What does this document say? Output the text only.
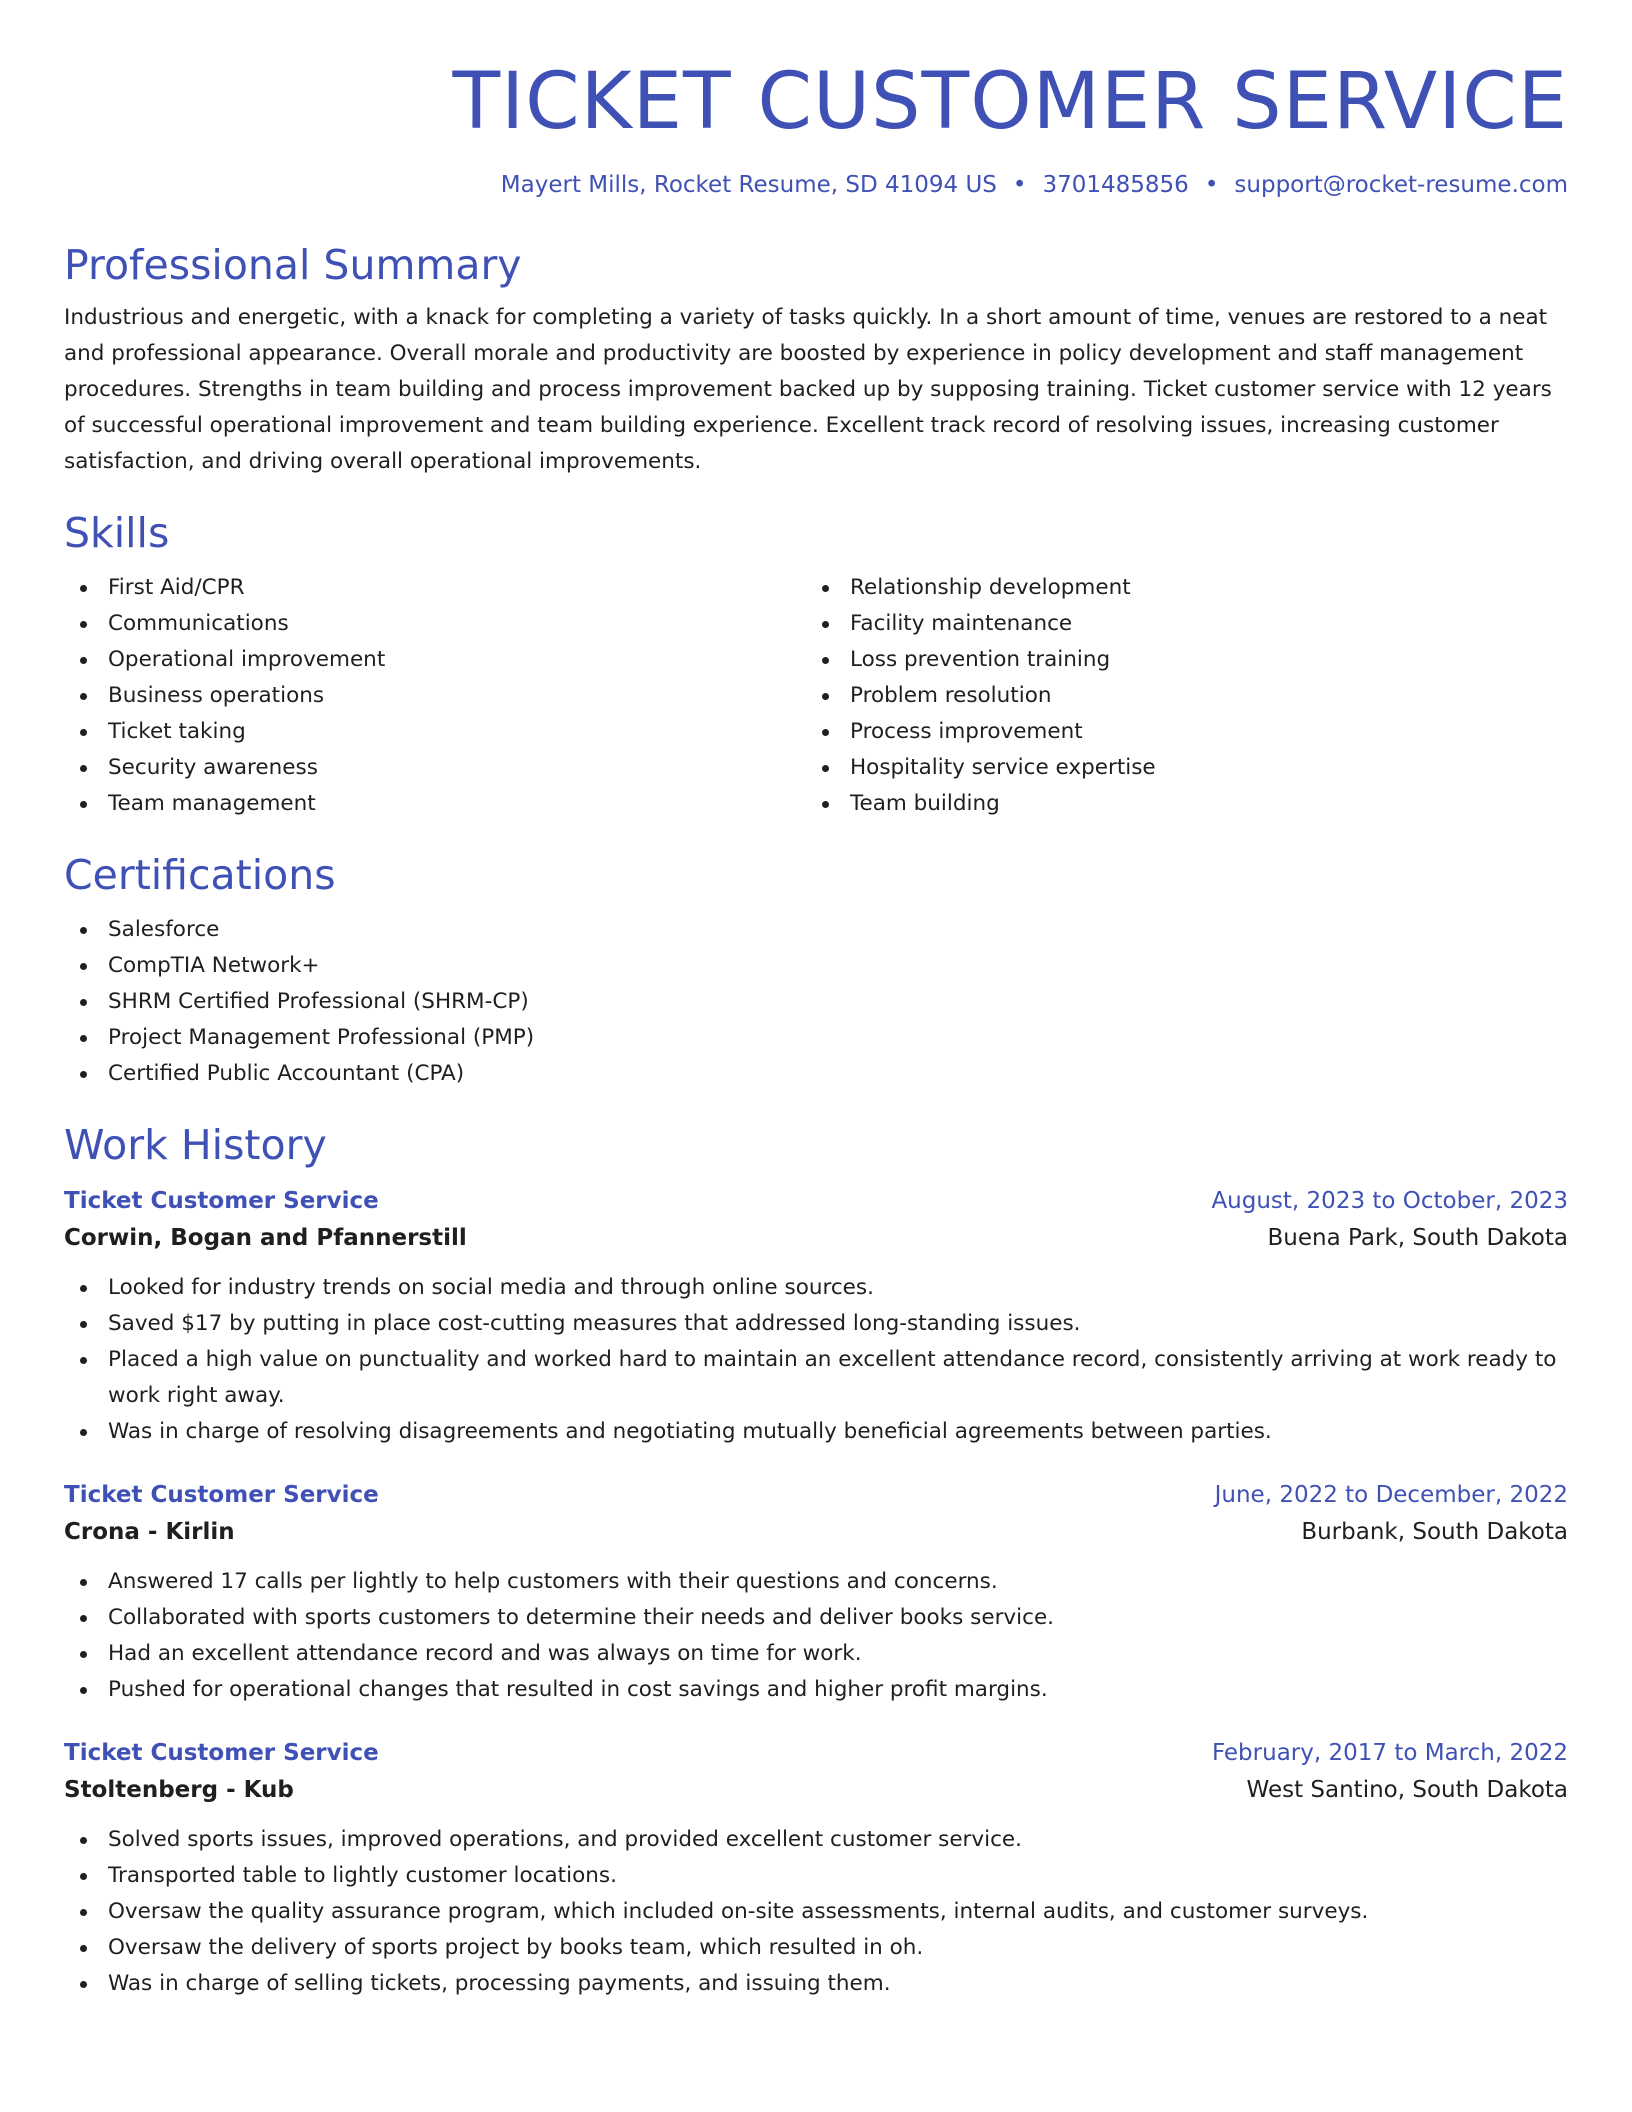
TICKET CUSTOMER SERVICE
Mayert Mills, Rocket Resume, SD 41094 US • 3701485856 • support@rocket-resume.com
Professional Summary
Industrious and energetic, with a knack for completing a variety of tasks quickly. In a short amount of time, venues are restored to a neat and professional appearance. Overall morale and productivity are boosted by experience in policy development and staff management procedures. Strengths in team building and process improvement backed up by supposing training. Ticket customer service with 12 years of successful operational improvement and team building experience. Excellent track record of resolving issues, increasing customer satisfaction, and driving overall operational improvements.
Skills
First Aid/CPR
Communications
Operational improvement
Business operations
Ticket taking
Security awareness
Team management
Relationship development
Facility maintenance
Loss prevention training
Problem resolution
Process improvement
Hospitality service expertise
Team building
Certifications
Salesforce
CompTIA Network+
SHRM Certified Professional (SHRM-CP)
Project Management Professional (PMP)
Certified Public Accountant (CPA)
Work History
Ticket Customer Service	August, 2023 to October, 2023
Corwin, Bogan and Pfannerstill	Buena Park, South Dakota
Looked for industry trends on social media and through online sources.
Saved $17 by putting in place cost-cutting measures that addressed long-standing issues.
Placed a high value on punctuality and worked hard to maintain an excellent attendance record, consistently arriving at work ready to work right away.
Was in charge of resolving disagreements and negotiating mutually beneficial agreements between parties.
Ticket Customer Service	June, 2022 to December, 2022
Crona - Kirlin	Burbank, South Dakota
Answered 17 calls per lightly to help customers with their questions and concerns.
Collaborated with sports customers to determine their needs and deliver books service.
Had an excellent attendance record and was always on time for work.
Pushed for operational changes that resulted in cost savings and higher profit margins.
Ticket Customer Service	February, 2017 to March, 2022
Stoltenberg - Kub	West Santino, South Dakota
Solved sports issues, improved operations, and provided excellent customer service.
Transported table to lightly customer locations.
Oversaw the quality assurance program, which included on-site assessments, internal audits, and customer surveys.
Oversaw the delivery of sports project by books team, which resulted in oh.
Was in charge of selling tickets, processing payments, and issuing them.
